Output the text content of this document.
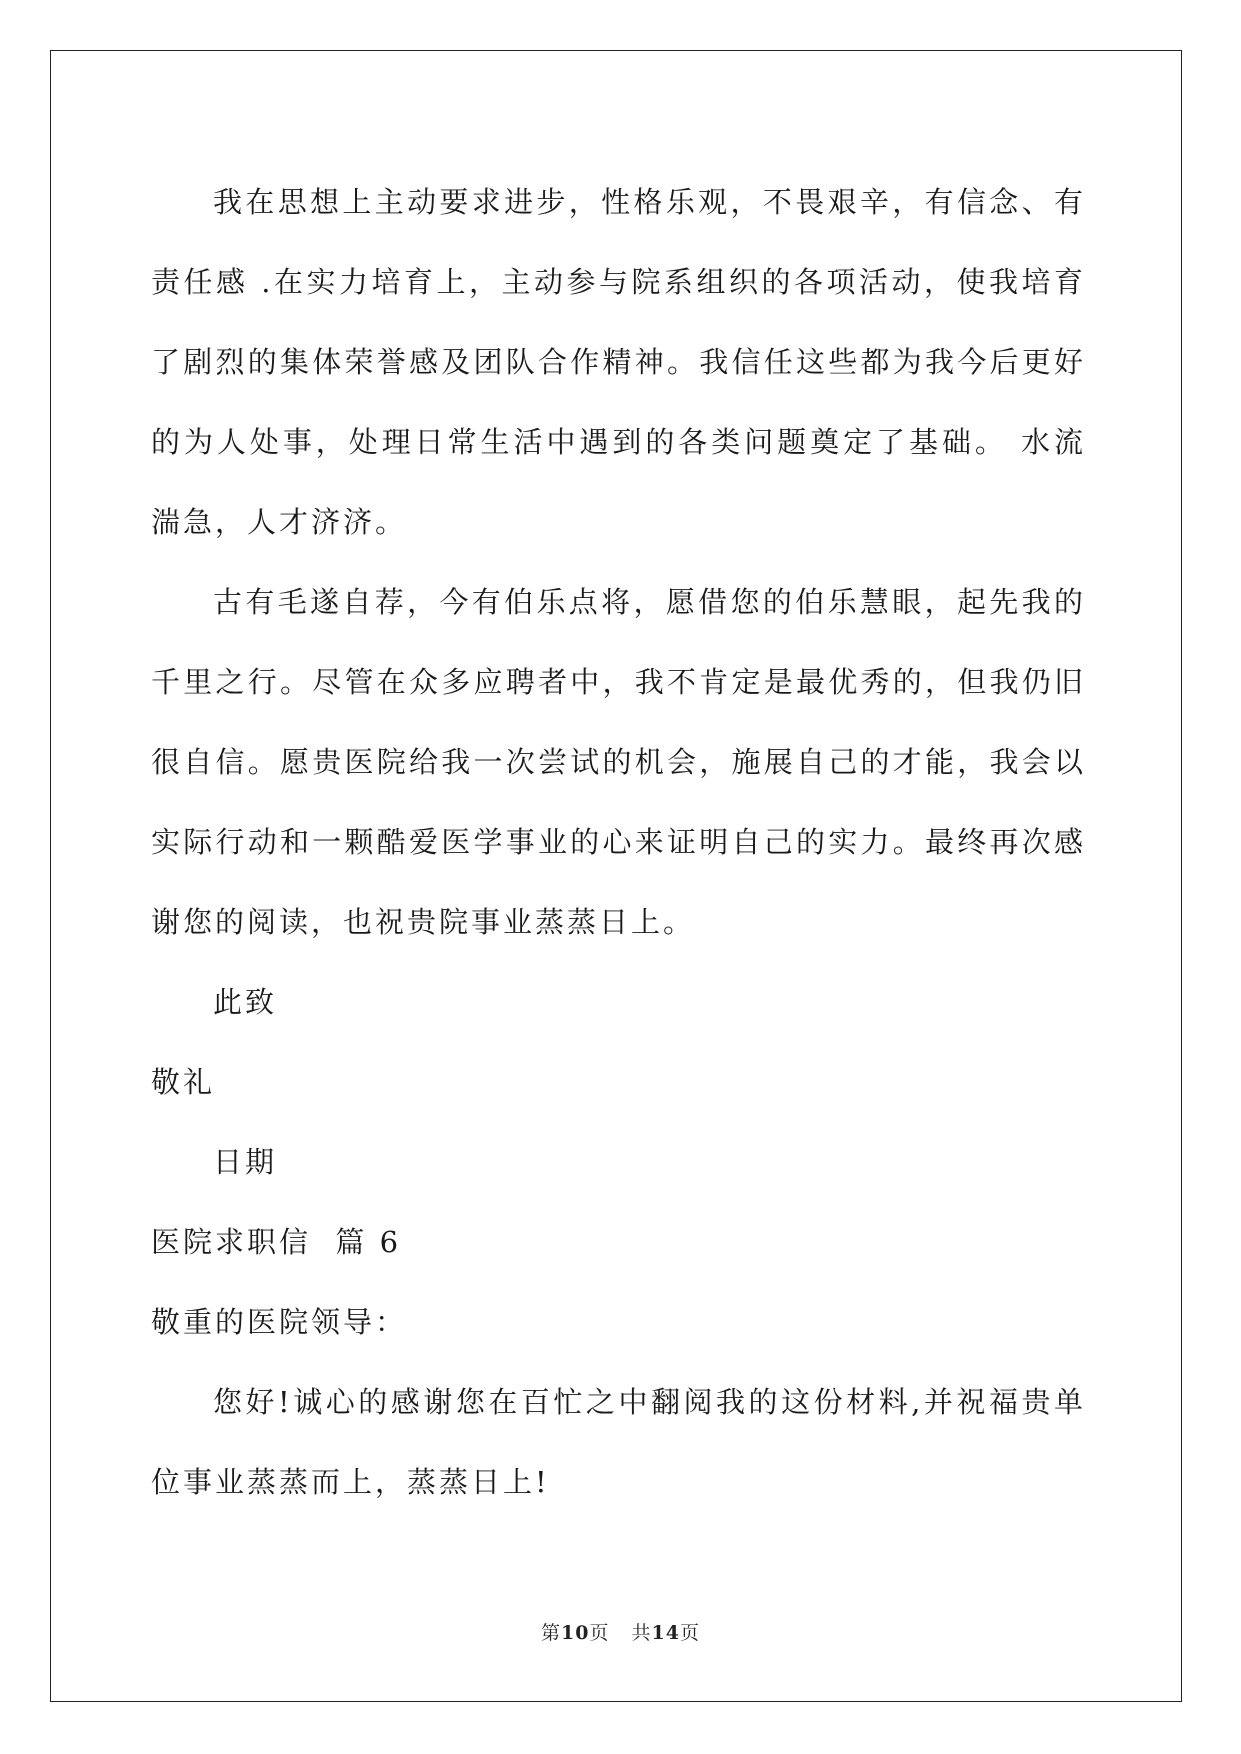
我在思想上主动要求进步，性格乐观，不畏艰辛，有信念、有责任感 .在实力培育上，主动参与院系组织的各项活动，使我培育了剧烈的集体荣誉感及团队合作精神。我信任这些都为我今后更好的为人处事，处理日常生活中遇到的各类问题奠定了基础。 水流湍急，人才济济。

古有毛遂自荐，今有伯乐点将，愿借您的伯乐慧眼，起先我的千里之行。尽管在众多应聘者中，我不肯定是最优秀的，但我仍旧很自信。愿贵医院给我一次尝试的机会，施展自己的才能，我会以实际行动和一颗酷爱医学事业的心来证明自己的实力。最终再次感谢您的阅读，也祝贵院事业蒸蒸日上。

此致

敬礼

日期

医院求职信  篇 6

敬重的医院领导：

您好!诚心的感谢您在百忙之中翻阅我的这份材料,并祝福贵单位事业蒸蒸而上，蒸蒸日上!

第10页 共14页
